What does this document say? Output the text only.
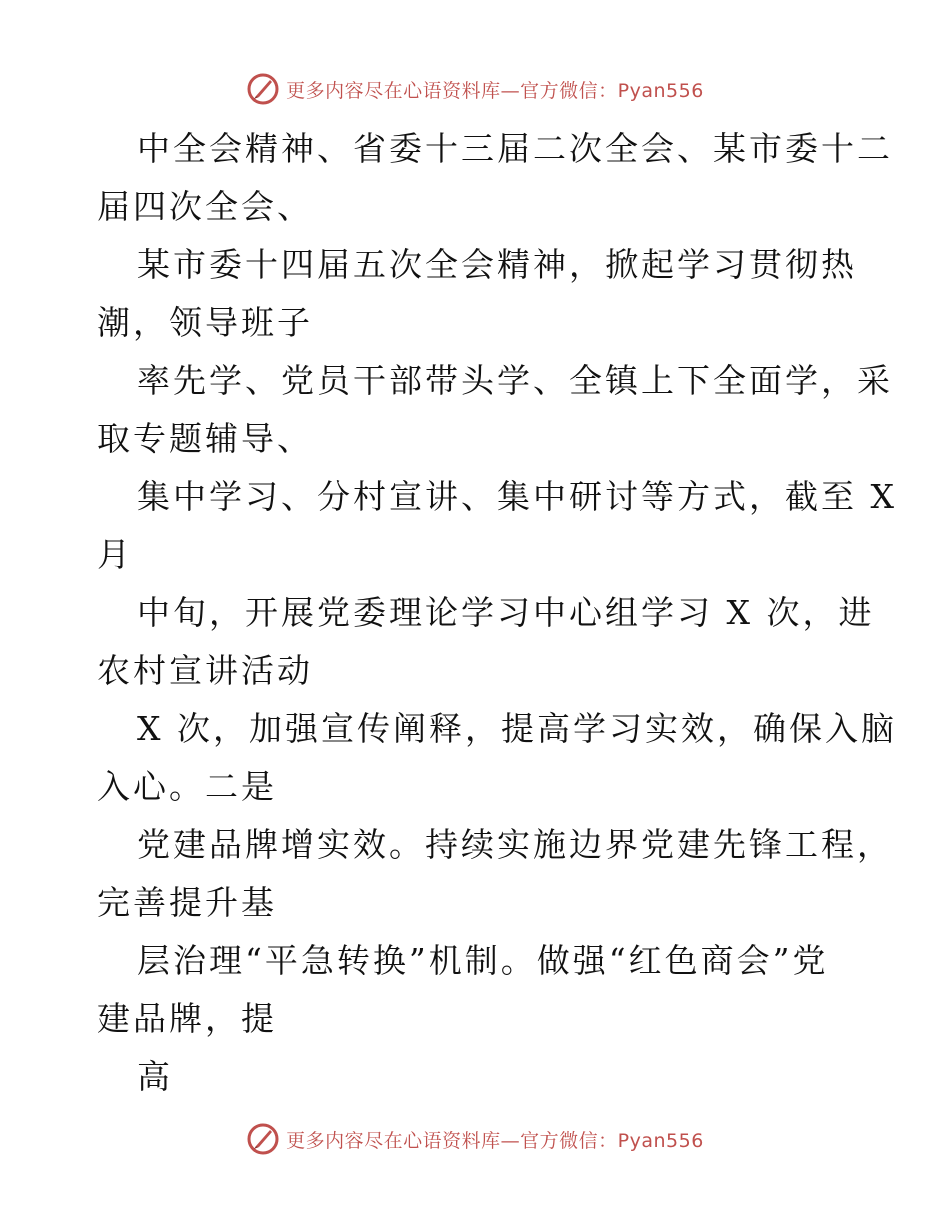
更多内容尽在心语资料库—官方微信：Pyan556
中全会精神、省委十三届二次全会、某市委十二
届四次全会、
某市委十四届五次全会精神，掀起学习贯彻热
潮，领导班子
率先学、党员干部带头学、全镇上下全面学，采
取专题辅导、
集中学习、分村宣讲、集中研讨等方式，截至 X
月
中旬，开展党委理论学习中心组学习 X 次，进
农村宣讲活动
X 次，加强宣传阐释，提高学习实效，确保入脑
入心。二是
党建品牌增实效。持续实施边界党建先锋工程，
完善提升基
层治理“平急转换”机制。做强“红色商会”党
建品牌，提
高
更多内容尽在心语资料库—官方微信：Pyan556
